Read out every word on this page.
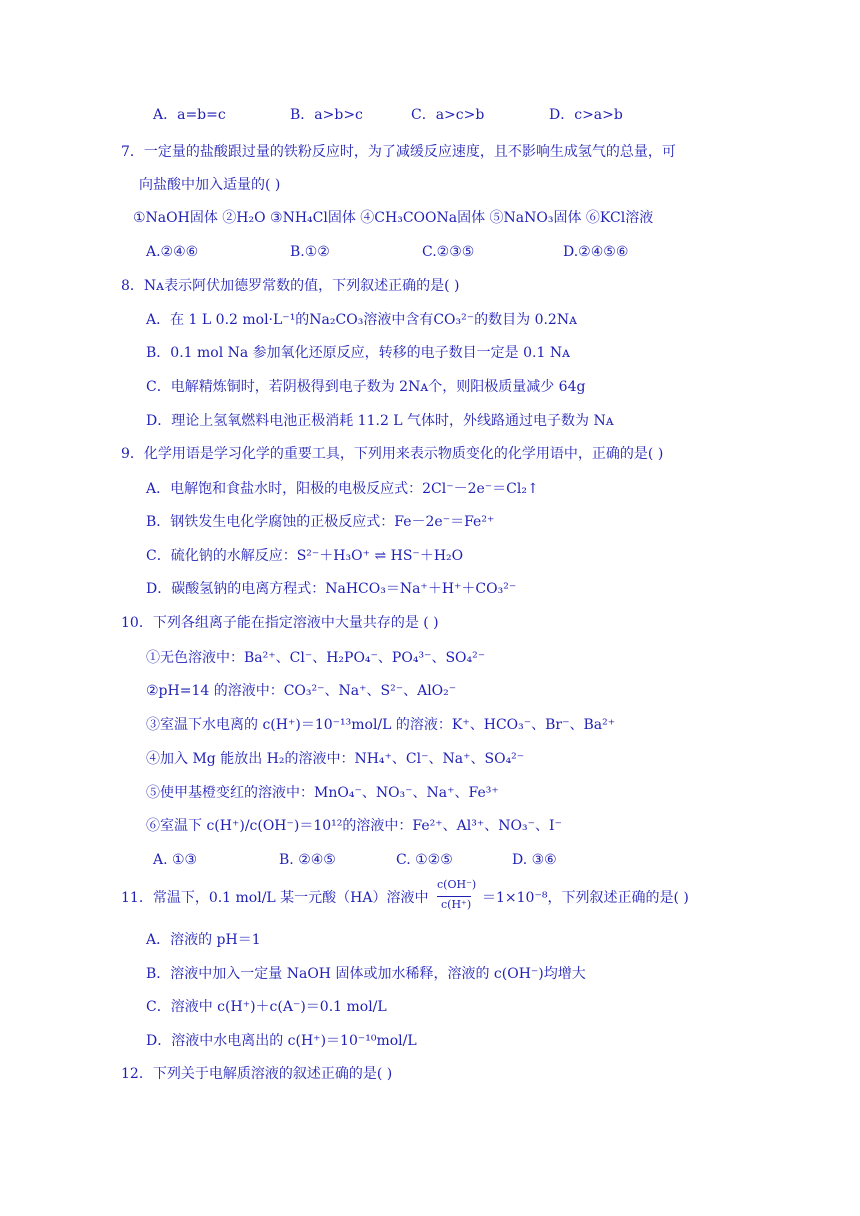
A．a=b=c	B．a>b>c	C．a>c>b	D．c>a>b
7．一定量的盐酸跟过量的铁粉反应时，为了减缓反应速度，且不影响生成氢气的总量，可
向盐酸中加入适量的( )
①NaOH固体 ②H₂O ③NH₄Cl固体 ④CH₃COONa固体 ⑤NaNO₃固体 ⑥KCl溶液
A.②④⑥	B.①②	C.②③⑤	D.②④⑤⑥
8．Nᴀ表示阿伏加德罗常数的值，下列叙述正确的是( )
A．在 1 L 0.2 mol·L⁻¹的Na₂CO₃溶液中含有CO₃²⁻的数目为 0.2Nᴀ
B．0.1 mol Na 参加氧化还原反应，转移的电子数目一定是 0.1 Nᴀ
C．电解精炼铜时，若阴极得到电子数为 2Nᴀ个，则阳极质量减少 64g
D．理论上氢氧燃料电池正极消耗 11.2 L 气体时，外线路通过电子数为 Nᴀ
9．化学用语是学习化学的重要工具，下列用来表示物质变化的化学用语中，正确的是( )
A．电解饱和食盐水时，阳极的电极反应式：2Cl⁻－2e⁻＝Cl₂↑
B．钢铁发生电化学腐蚀的正极反应式：Fe－2e⁻＝Fe²⁺
C．硫化钠的水解反应：S²⁻＋H₃O⁺ ⇌ HS⁻＋H₂O
D．碳酸氢钠的电离方程式：NaHCO₃＝Na⁺＋H⁺＋CO₃²⁻
10．下列各组离子能在指定溶液中大量共存的是 ( )
①无色溶液中：Ba²⁺、Cl⁻、H₂PO₄⁻、PO₄³⁻、SO₄²⁻
②pH=14 的溶液中：CO₃²⁻、Na⁺、S²⁻、AlO₂⁻
③室温下水电离的 c(H⁺)＝10⁻¹³mol/L 的溶液：K⁺、HCO₃⁻、Br⁻、Ba²⁺
④加入 Mg 能放出 H₂的溶液中：NH₄⁺、Cl⁻、Na⁺、SO₄²⁻
⑤使甲基橙变红的溶液中：MnO₄⁻、NO₃⁻、Na⁺、Fe³⁺
⑥室温下 c(H⁺)/c(OH⁻)＝10¹²的溶液中：Fe²⁺、Al³⁺、NO₃⁻、I⁻
A. ①③	B. ②④⑤	C. ①②⑤	D. ③⑥
11．常温下，0.1 mol/L 某一元酸（HA）溶液中
c(OH⁻)
c(H⁺) ＝1×10⁻⁸，下列叙述正确的是( )
A．溶液的 pH＝1
B．溶液中加入一定量 NaOH 固体或加水稀释，溶液的 c(OH⁻)均增大
C．溶液中 c(H⁺)＋c(A⁻)＝0.1 mol/L
D．溶液中水电离出的 c(H⁺)＝10⁻¹⁰mol/L
12．下列关于电解质溶液的叙述正确的是( )
